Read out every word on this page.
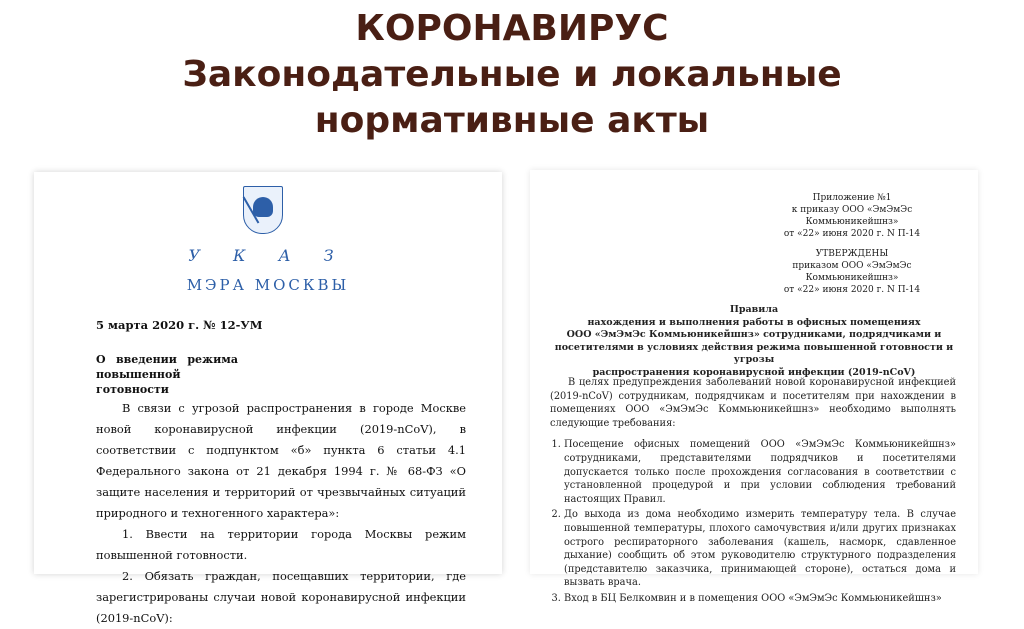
КОРОНАВИРУС
Законодательные и локальные
нормативные акты
У К А З
МЭРА МОСКВЫ
5 марта 2020 г. № 12-УМ
О введении режима повышенной готовности

В связи с угрозой распространения в городе Москве новой коронавирусной инфекции (2019-nCoV), в соответствии с подпунктом «б» пункта 6 статьи 4.1 Федерального закона от 21 декабря 1994 г. № 68-ФЗ «О защите населения и территорий от чрезвычайных ситуаций природного и техногенного характера»:

1. Ввести на территории города Москвы режим повышенной готовности.

2. Обязать граждан, посещавших территории, где зарегистрированы случаи новой коронавирусной инфекции (2019-nCoV):

Приложение №1
к приказу ООО «ЭмЭмЭс Коммьюникейшнз»
от «22» июня 2020 г. N П-14
УТВЕРЖДЕНЫ
приказом ООО «ЭмЭмЭс Коммьюникейшнз»
от «22» июня 2020 г. N П-14
Правила
нахождения и выполнения работы в офисных помещениях
ООО «ЭмЭмЭс Коммьюникейшнз» сотрудниками, подрядчиками и
посетителями в условиях действия режима повышенной готовности и угрозы
распространения коронавирусной инфекции (2019-nCoV)

В целях предупреждения заболеваний новой коронавирусной инфекцией (2019-nCoV) сотрудникам, подрядчикам и посетителям при нахождении в помещениях ООО «ЭмЭмЭс Коммьюникейшнз» необходимо выполнять следующие требования:

1. Посещение офисных помещений ООО «ЭмЭмЭс Коммьюникейшнз» сотрудниками, представителями подрядчиков и посетителями допускается только после прохождения согласования в соответствии с установленной процедурой и при условии соблюдения требований настоящих Правил.
2. До выхода из дома необходимо измерить температуру тела. В случае повышенной температуры, плохого самочувствия и/или других признаках острого респираторного заболевания (кашель, насморк, сдавленное дыхание) сообщить об этом руководителю структурного подразделения (представителю заказчика, принимающей стороне), остаться дома и вызвать врача.
3. Вход в БЦ Белкомвин и в помещения ООО «ЭмЭмЭс Коммьюникейшнз»
